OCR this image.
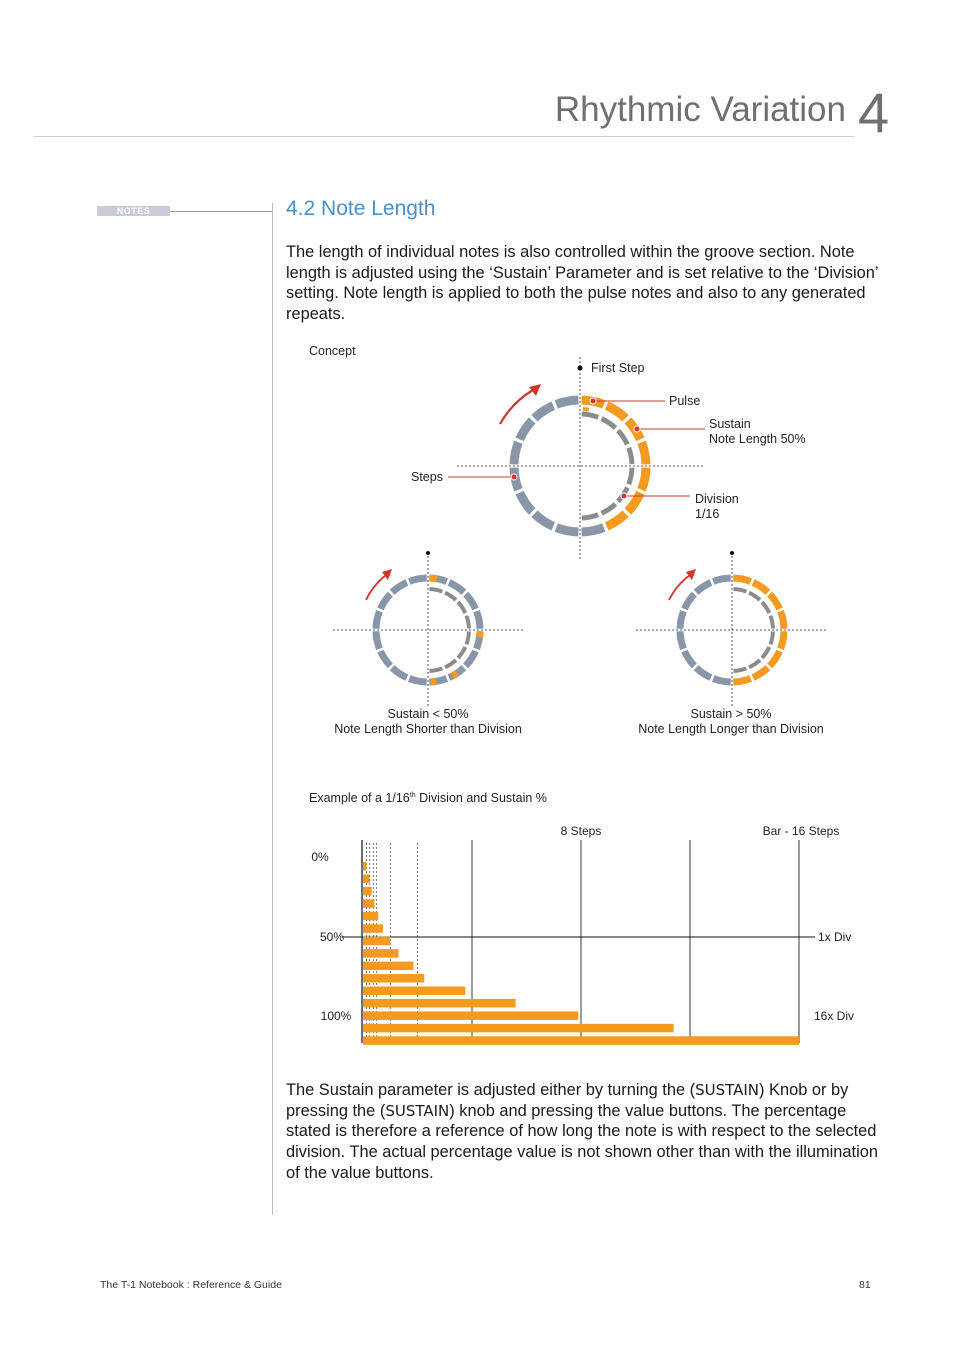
Rhythmic Variation 4
NOTES	4.2 Note Length

The length of individual notes is also controlled within the groove section. Note length is adjusted using the ‘Sustain’ Parameter and is set relative to the ‘Division’ setting. Note length is applied to both the pulse notes and also to any generated repeats.

Concept
First Step
Pulse
Sustain
Note Length 50%
Steps
Division
1/16
Sustain < 50%
Note Length Shorter than Division
Sustain > 50%
Note Length Longer than Division
Example of a 1/16th Division and Sustain %
0%
50%
100%
1x Div
16x Div
8 Steps	Bar - 16 Steps

The Sustain parameter is adjusted either by turning the (SUSTAIN) Knob or by pressing the (SUSTAIN) knob and pressing the value buttons. The percentage stated is therefore a reference of how long the note is with respect to the selected division. The actual percentage value is not shown other than with the illumination of the value buttons.

The T-1 Notebook : Reference & Guide	81
